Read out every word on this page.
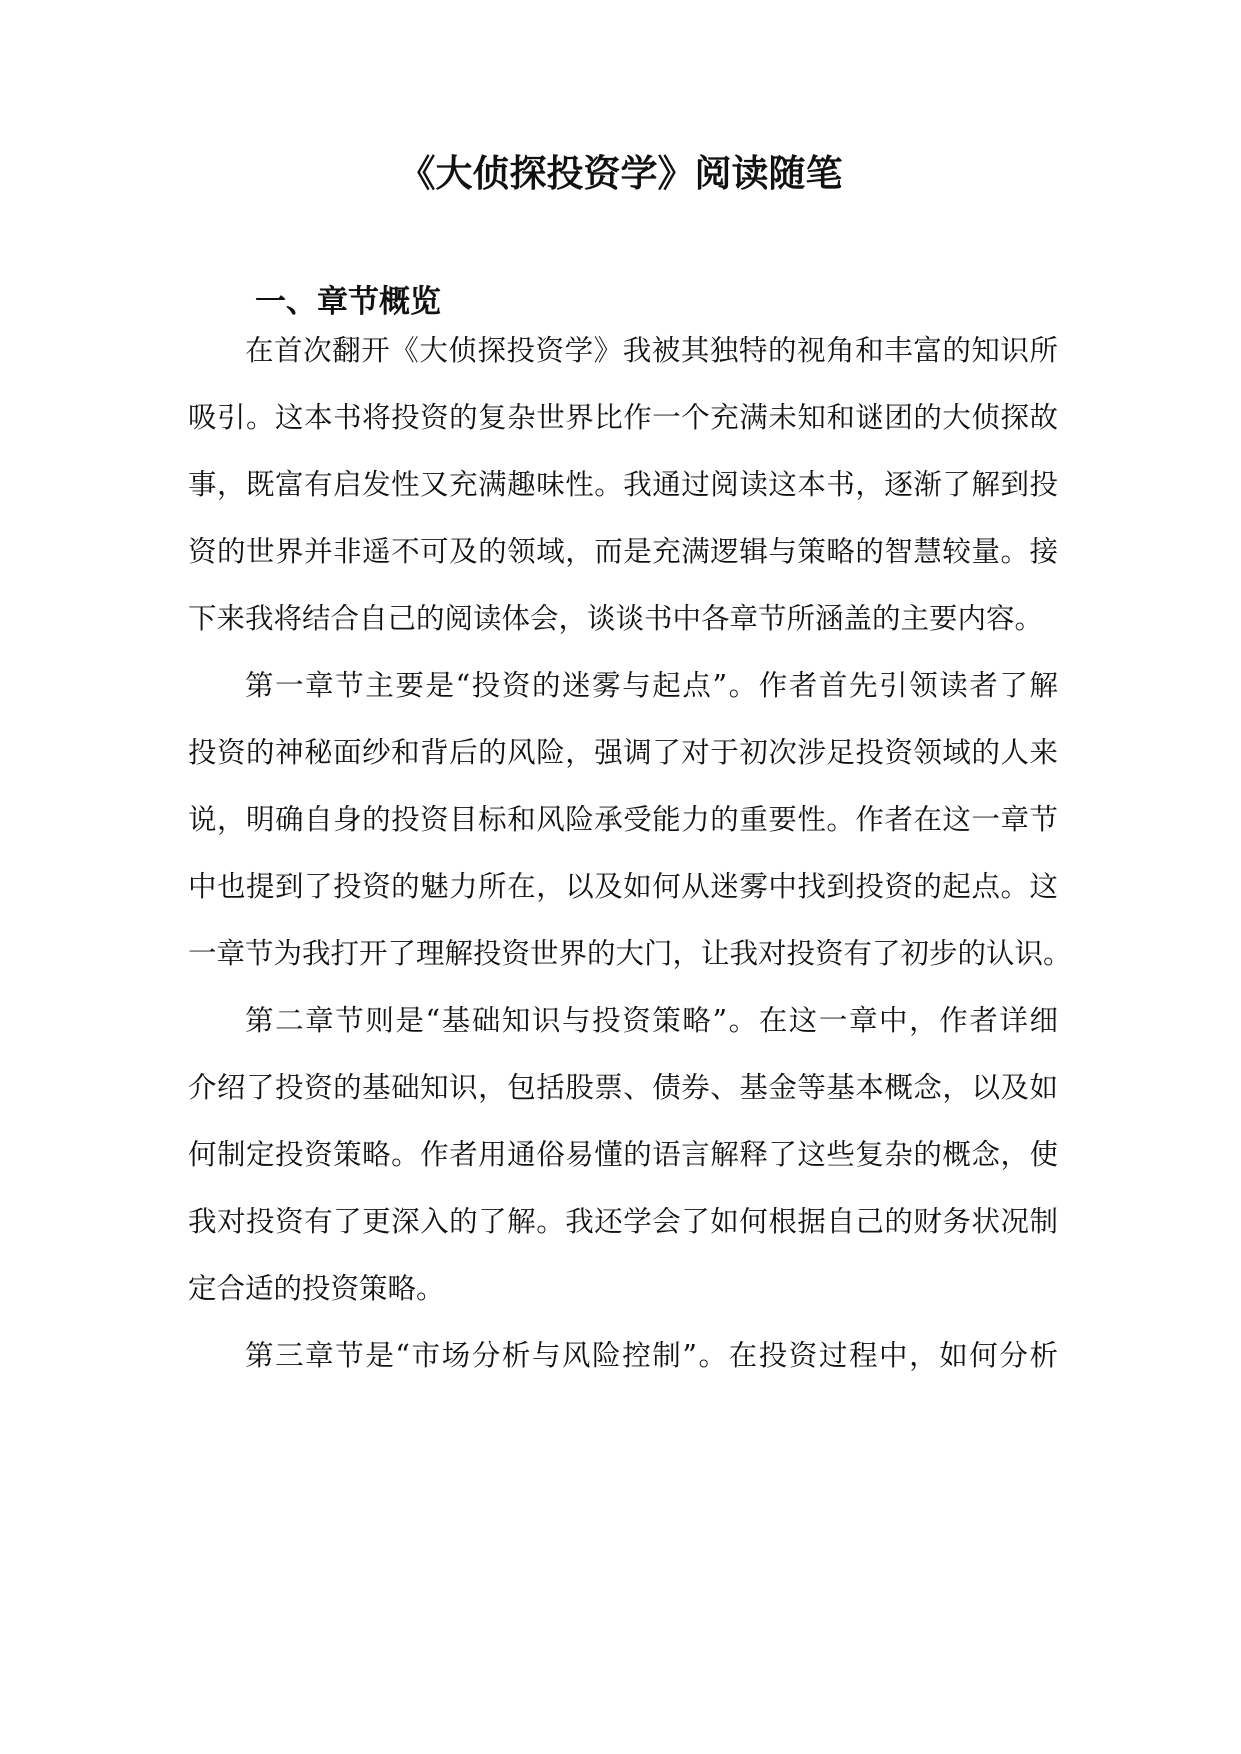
《大侦探投资学》阅读随笔
一、章节概览
在首次翻开《大侦探投资学》我被其独特的视角和丰富的知识所
吸引。这本书将投资的复杂世界比作一个充满未知和谜团的大侦探故
事，既富有启发性又充满趣味性。我通过阅读这本书，逐渐了解到投
资的世界并非遥不可及的领域，而是充满逻辑与策略的智慧较量。接
下来我将结合自己的阅读体会，谈谈书中各章节所涵盖的主要内容。
第一章节主要是“投资的迷雾与起点”。作者首先引领读者了解
投资的神秘面纱和背后的风险，强调了对于初次涉足投资领域的人来
说，明确自身的投资目标和风险承受能力的重要性。作者在这一章节
中也提到了投资的魅力所在，以及如何从迷雾中找到投资的起点。这
一章节为我打开了理解投资世界的大门，让我对投资有了初步的认识。
第二章节则是“基础知识与投资策略”。在这一章中，作者详细
介绍了投资的基础知识，包括股票、债券、基金等基本概念，以及如
何制定投资策略。作者用通俗易懂的语言解释了这些复杂的概念，使
我对投资有了更深入的了解。我还学会了如何根据自己的财务状况制
定合适的投资策略。
第三章节是“市场分析与风险控制”。在投资过程中，如何分析
